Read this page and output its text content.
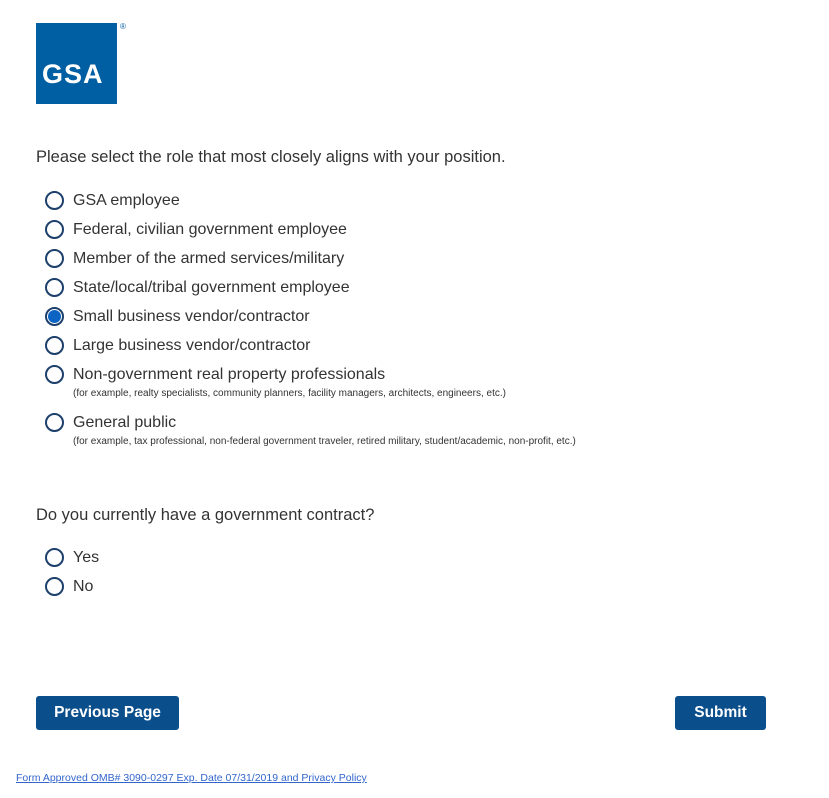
GSA
®
Please select the role that most closely aligns with your position.
GSA employee
Federal, civilian government employee
Member of the armed services/military
State/local/tribal government employee
Small business vendor/contractor
Large business vendor/contractor
Non-government real property professionals
(for example, realty specialists, community planners, facility managers, architects, engineers, etc.)
General public
(for example, tax professional, non-federal government traveler, retired military, student/academic, non-profit, etc.)
Do you currently have a government contract?
Yes
No
Previous Page	Submit
Form Approved OMB# 3090-0297 Exp. Date 07/31/2019 and Privacy Policy
